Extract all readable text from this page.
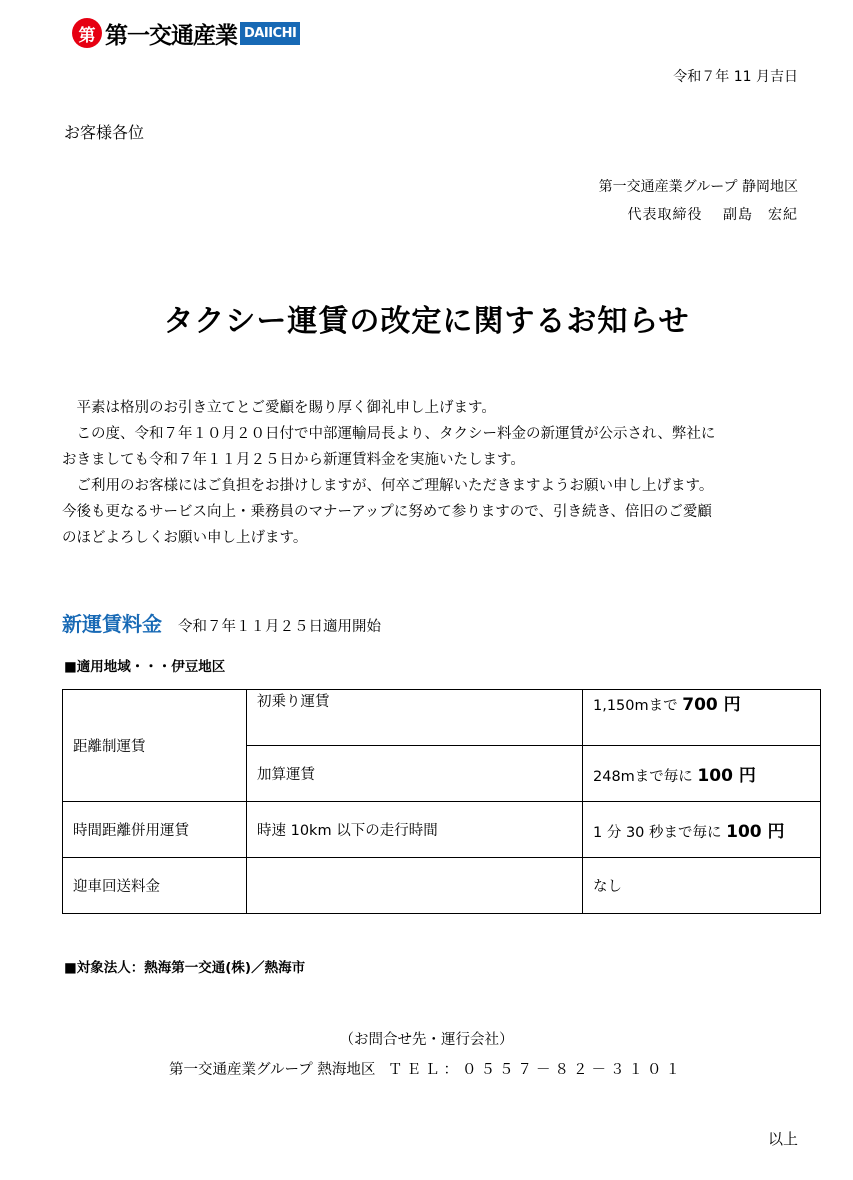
第 第一交通産業 DAIICHI
令和７年 11 月吉日
お客様各位
第一交通産業グループ 静岡地区
代表取締役　 副島　宏紀
タクシー運賃の改定に関するお知らせ

　平素は格別のお引き立てとご愛顧を賜り厚く御礼申し上げます。

　この度、令和７年１０月２０日付で中部運輸局長より、タクシー料金の新運賃が公示され、弊社に

おきましても令和７年１１月２５日から新運賃料金を実施いたします。

　ご利用のお客様にはご負担をお掛けしますが、何卒ご理解いただきますようお願い申し上げます。

今後も更なるサービス向上・乗務員のマナーアップに努めて参りますので、引き続き、倍旧のご愛顧

のほどよろしくお願い申し上げます。

新運賃料金 令和７年１１月２５日適用開始
■適用地域・・・伊豆地区
距離制運賃	初乗り運賃	1,150mまで 700 円
	加算運賃	248mまで毎に 100 円
時間距離併用運賃	時速 10km 以下の走行時間	1 分 30 秒まで毎に 100 円
迎車回送料金		なし
■対象法人：熱海第一交通(株)／熱海市
（お問合せ先・運行会社）
第一交通産業グループ 熱海地区 ＴＥＬ：０５５７－８２－３１０１
以上
